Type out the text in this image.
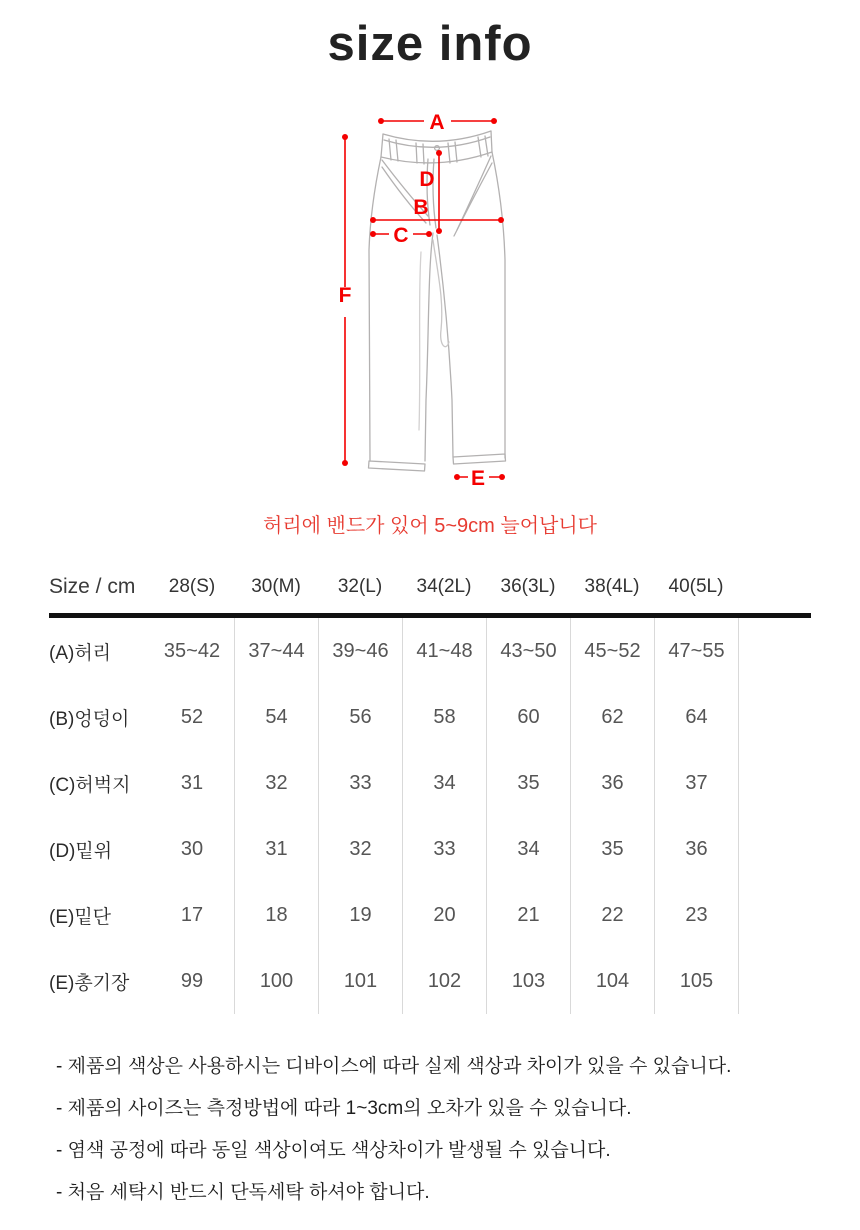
size info
A
F
D
B
C
E
허리에 밴드가 있어 5~9cm 늘어납니다
Size / cm	28(S)	30(M)	32(L)	34(2L)	36(3L)	38(4L)	40(5L)
(A)허리	35~42	37~44	39~46	41~48	43~50	45~52	47~55
(B)엉덩이	52	54	56	58	60	62	64
(C)허벅지	31	32	33	34	35	36	37
(D)밑위	30	31	32	33	34	35	36
(E)밑단	17	18	19	20	21	22	23
(E)총기장	99	100	101	102	103	104	105
- 제품의 색상은 사용하시는 디바이스에 따라 실제 색상과 차이가 있을 수 있습니다.
- 제품의 사이즈는 측정방법에 따라 1~3cm의 오차가 있을 수 있습니다.
- 염색 공정에 따라 동일 색상이여도 색상차이가 발생될 수 있습니다.
- 처음 세탁시 반드시 단독세탁 하셔야 합니다.
